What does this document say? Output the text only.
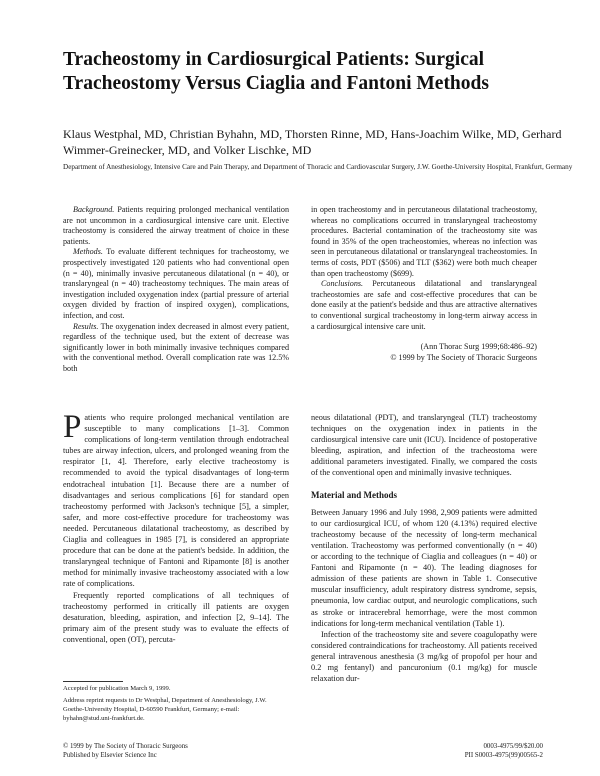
Tracheostomy in Cardiosurgical Patients: Surgical Tracheostomy Versus Ciaglia and Fantoni Methods

Klaus Westphal, MD, Christian Byhahn, MD, Thorsten Rinne, MD, Hans-Joachim Wilke, MD, Gerhard Wimmer-Greinecker, MD, and Volker Lischke, MD

Department of Anesthesiology, Intensive Care and Pain Therapy, and Department of Thoracic and Cardiovascular Surgery, J.W. Goethe-University Hospital, Frankfurt, Germany

Background. Patients requiring prolonged mechanical ventilation are not uncommon in a cardiosurgical intensive care unit. Elective tracheostomy is considered the airway treatment of choice in these patients.

Methods. To evaluate different techniques for tracheostomy, we prospectively investigated 120 patients who had conventional open (n = 40), minimally invasive percutaneous dilatational (n = 40), or translaryngeal (n = 40) tracheostomy techniques. The main areas of investigation included oxygenation index (partial pressure of arterial oxygen divided by fraction of inspired oxygen), complications, infection, and cost.

Results. The oxygenation index decreased in almost every patient, regardless of the technique used, but the extent of decrease was significantly lower in both minimally invasive techniques compared with the conventional method. Overall complication rate was 12.5% both

in open tracheostomy and in percutaneous dilatational tracheostomy, whereas no complications occurred in translaryngeal tracheostomy procedures. Bacterial contamination of the tracheostomy site was found in 35% of the open tracheostomies, whereas no infection was seen in percutaneous dilatational or translaryngeal tracheostomies. In terms of costs, PDT ($506) and TLT ($362) were both much cheaper than open tracheostomy ($699).

Conclusions. Percutaneous dilatational and translaryngeal tracheostomies are safe and cost-effective procedures that can be done easily at the patient's bedside and thus are attractive alternatives to conventional surgical tracheostomy in long-term airway access in a cardiosurgical intensive care unit.

(Ann Thorac Surg 1999;68:486–92)

© 1999 by The Society of Thoracic Surgeons

Patients who require prolonged mechanical ventilation are susceptible to many complications [1–3]. Common complications of long-term ventilation through endotracheal tubes are airway infection, ulcers, and prolonged weaning from the respirator [1, 4]. Therefore, early elective tracheostomy is recommended to avoid the typical disadvantages of long-term endotracheal intubation [1]. Because there are a number of disadvantages and serious complications [6] for standard open tracheostomy performed with Jackson's technique [5], a simpler, safer, and more cost-effective procedure for tracheostomy was needed. Percutaneous dilatational tracheostomy, as described by Ciaglia and colleagues in 1985 [7], is considered an appropriate procedure that can be done at the patient's bedside. In addition, the translaryngeal technique of Fantoni and Ripamonte [8] is another method for minimally invasive tracheostomy associated with a low rate of complications.

Frequently reported complications of all techniques of tracheostomy performed in critically ill patients are oxygen desaturation, bleeding, aspiration, and infection [2, 9–14]. The primary aim of the present study was to evaluate the effects of conventional, open (OT), percuta-

neous dilatational (PDT), and translaryngeal (TLT) tracheostomy techniques on the oxygenation index in patients in the cardiosurgical intensive care unit (ICU). Incidence of postoperative bleeding, aspiration, and infection of the tracheostoma were additional parameters investigated. Finally, we compared the costs of the conventional open and minimally invasive techniques.

Material and Methods

Between January 1996 and July 1998, 2,909 patients were admitted to our cardiosurgical ICU, of whom 120 (4.13%) required elective tracheostomy because of the necessity of long-term mechanical ventilation. Tracheostomy was performed conventionally (n = 40) or according to the technique of Ciaglia and colleagues (n = 40) or Fantoni and Ripamonte (n = 40). The leading diagnoses for admission of these patients are shown in Table 1. Consecutive muscular insufficiency, adult respiratory distress syndrome, sepsis, pneumonia, low cardiac output, and neurologic complications, such as stroke or intracerebral hemorrhage, were the most common indications for long-term mechanical ventilation (Table 1).

Infection of the tracheostomy site and severe coagulopathy were considered contraindications for tracheostomy. All patients received general intravenous anesthesia (3 mg/kg of propofol per hour and 0.2 mg fentanyl) and pancuronium (0.1 mg/kg) for muscle relaxation dur-

Accepted for publication March 9, 1999.

Address reprint requests to Dr Westphal, Department of Anesthesiology, J.W. Goethe-University Hospital, D-60590 Frankfurt, Germany; e-mail: byhahn@stud.uni-frankfurt.de.

© 1999 by The Society of Thoracic Surgeons
Published by Elsevier Science Inc
0003-4975/99/$20.00
PII S0003-4975(99)00565-2
